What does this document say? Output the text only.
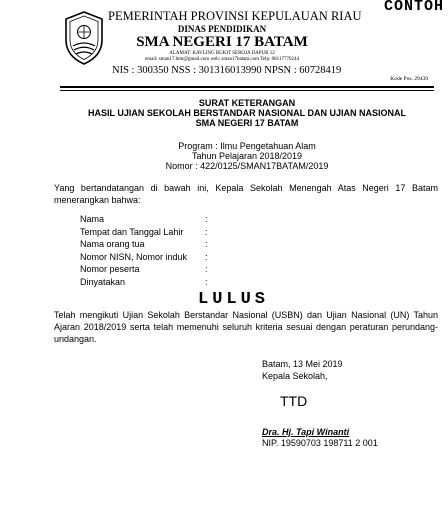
CONTOH
PEMERINTAH PROVINSI KEPULAUAN RIAU
DINAS PENDIDIKAN
SMA NEGERI 17 BATAM
ALAMAT: KAVLING BUKIT SEROJA DAPUR 12
email: sman17.btm@gmail.com web: sman17batam.com Telp: 08117770244
NIS : 300350 NSS : 301316013990 NPSN : 60728419
Kode Pos. 29439
SURAT KETERANGAN
HASIL UJIAN SEKOLAH BERSTANDAR NASIONAL DAN UJIAN NASIONAL
SMA NEGERI 17 BATAM
Program : Ilmu Pengetahuan Alam
Tahun Pelajaran 2018/2019
Nomor : 422/0125/SMAN17BATAM/2019
Yang bertandatangan di bawah ini, Kepala Sekolah Menengah Atas Negeri 17 Batam menerangkan bahwa:
Nama	:
Tempat dan Tanggal Lahir :
Nama orang tua	:
Nomor NISN, Nomor induk :
Nomor peserta	:
Dinyatakan	:
LULUS
Telah mengikuti Ujian Sekolah Berstandar Nasional (USBN) dan Ujian Nasional (UN) Tahun Ajaran 2018/2019 serta telah memenuhi seluruh kriteria sesuai dengan peraturan perundang-undangan.
Batam, 13 Mei 2019
Kepala Sekolah,
TTD
Dra. Hj. Tapi Winanti
NIP. 19590703 198711 2 001
